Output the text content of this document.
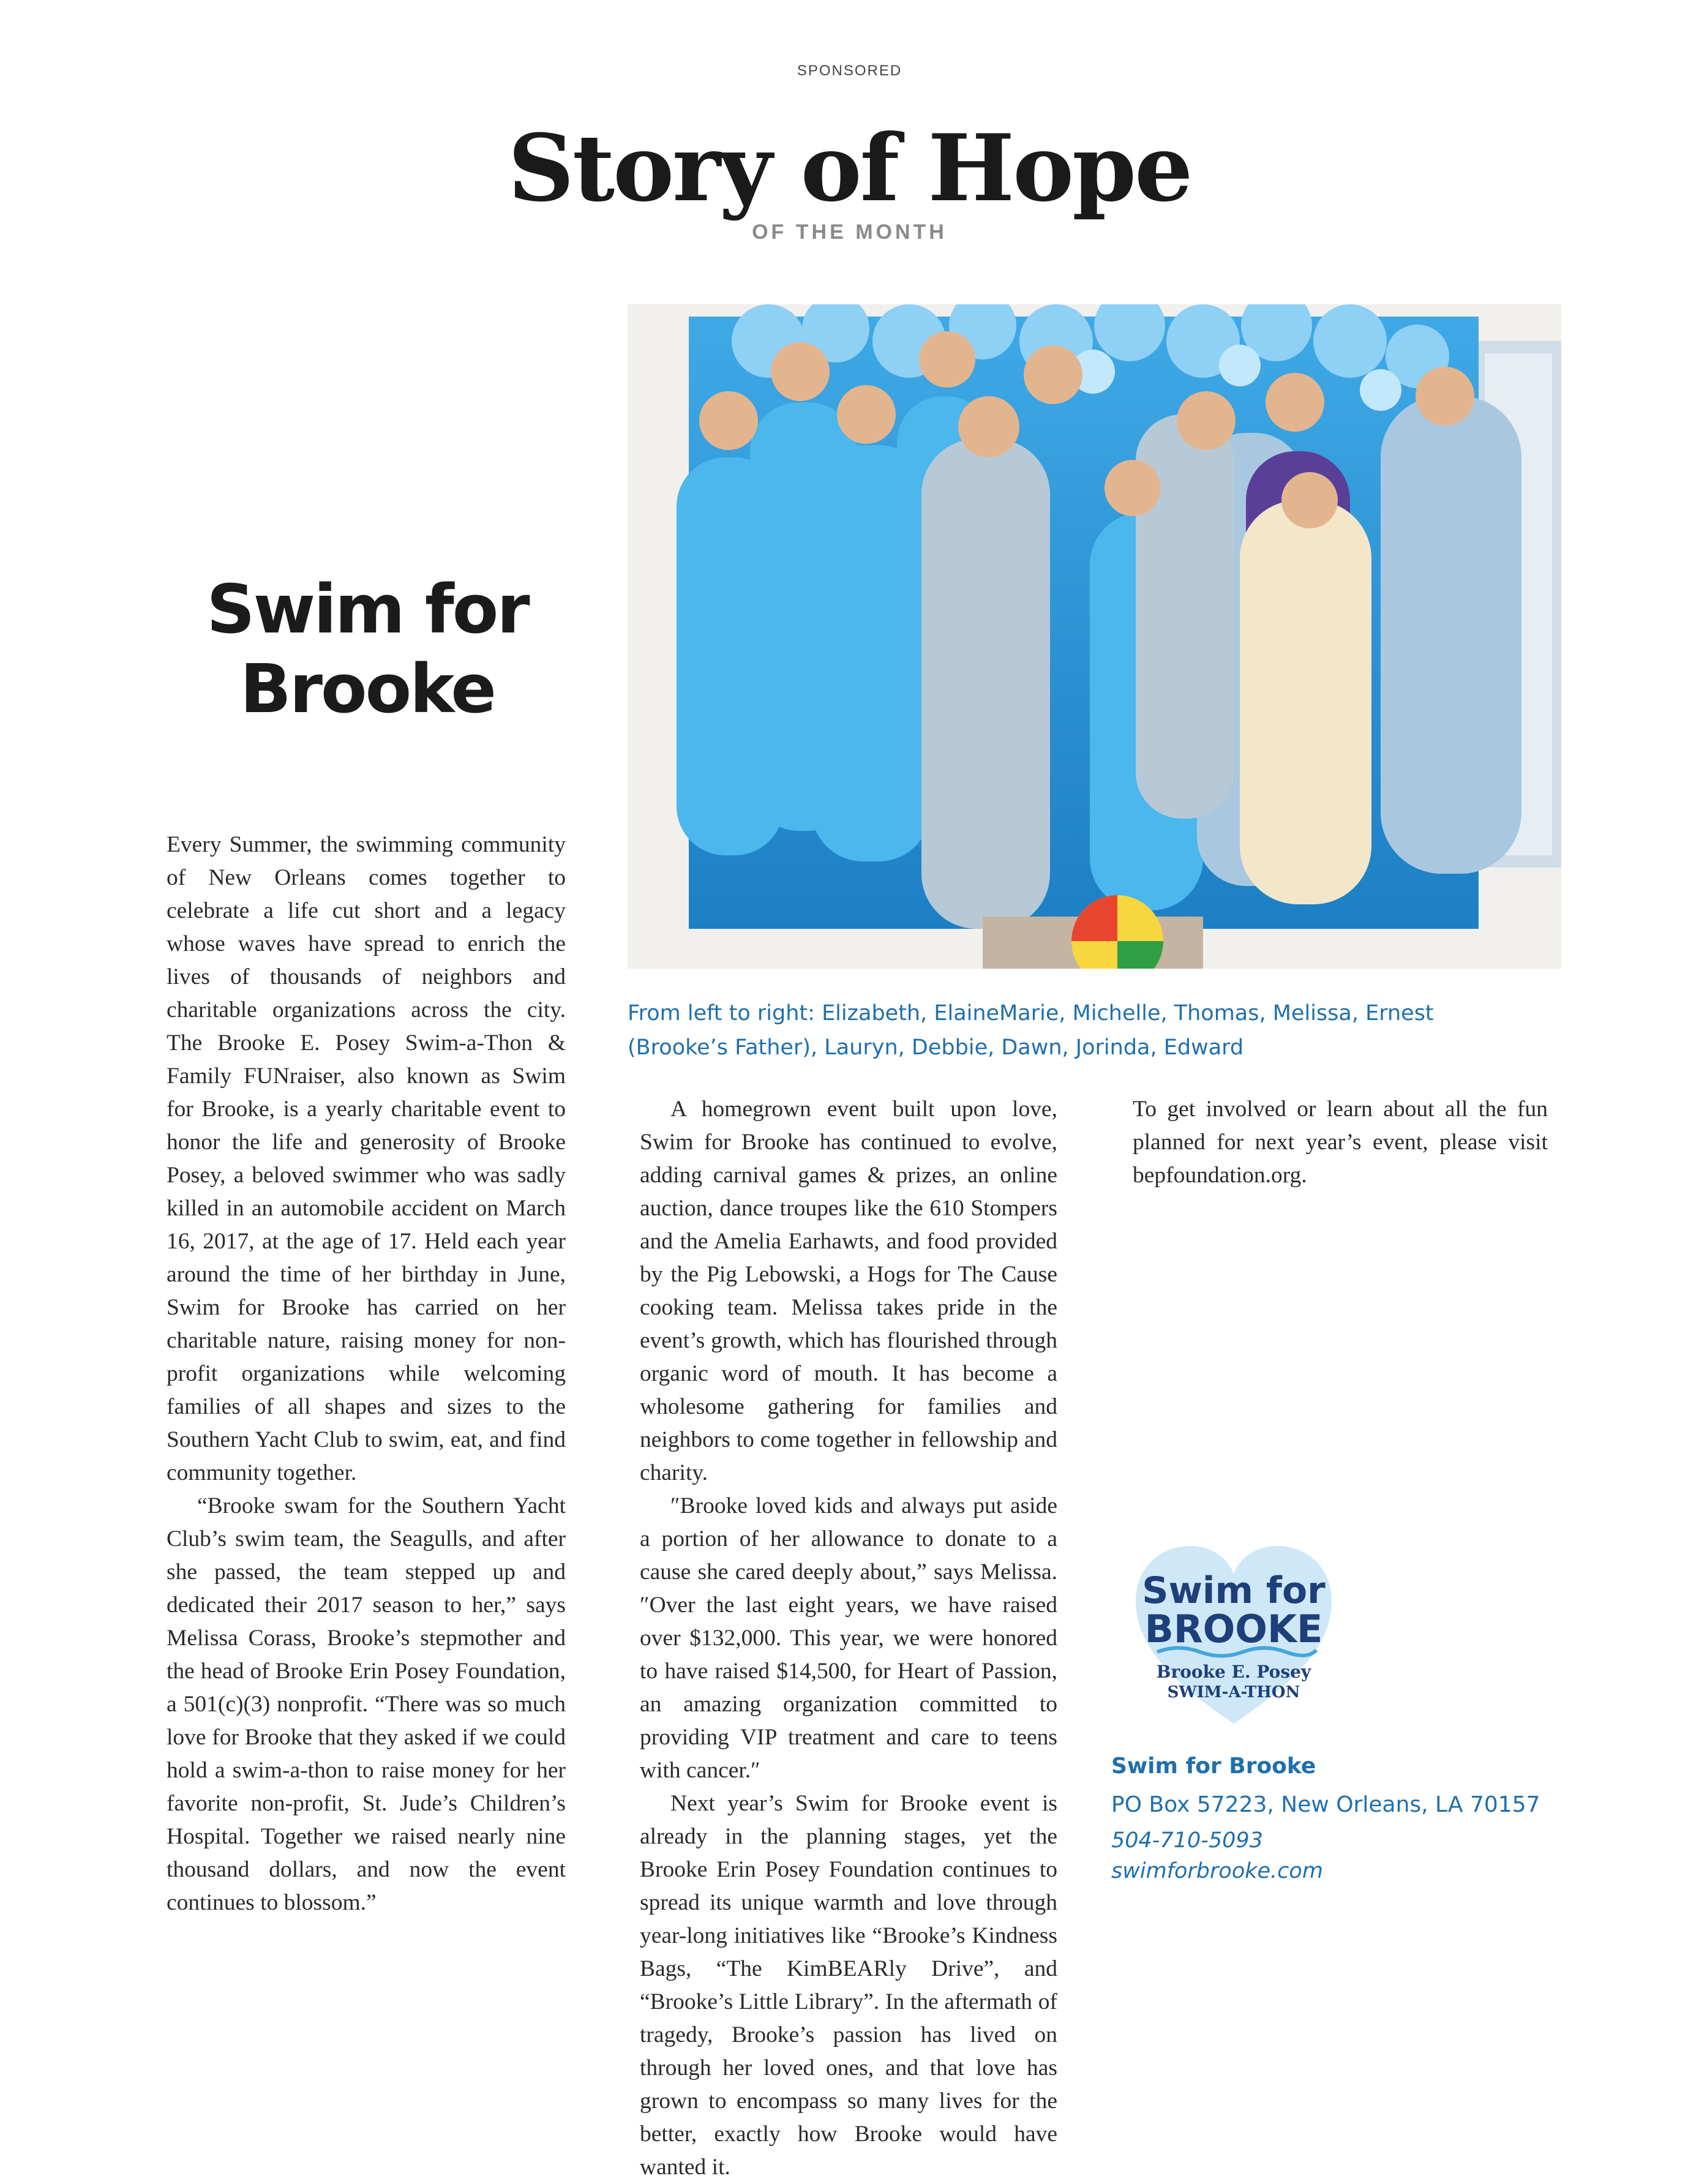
SPONSORED
Story of Hope
OF THE MONTH
Swim for
Brooke
From left to right: Elizabeth, ElaineMarie, Michelle, Thomas, Melissa, Ernest
(Brooke’s Father), Lauryn, Debbie, Dawn, Jorinda, Edward

Every Summer, the swimming community of New Orleans comes together to celebrate a life cut short and a legacy whose waves have spread to enrich the lives of thousands of neighbors and charitable organizations across the city. The Brooke E. Posey Swim-a-Thon & Family FUNraiser, also known as Swim for Brooke, is a yearly charitable event to honor the life and generosity of Brooke Posey, a beloved swimmer who was sadly killed in an automobile accident on March 16, 2017, at the age of 17. Held each year around the time of her birthday in June, Swim for Brooke has carried on her charitable nature, raising money for non-profit organizations while welcoming families of all shapes and sizes to the Southern Yacht Club to swim, eat, and find community together.

“Brooke swam for the Southern Yacht Club’s swim team, the Seagulls, and after she passed, the team stepped up and dedicated their 2017 season to her,” says Melissa Corass, Brooke’s stepmother and the head of Brooke Erin Posey Foundation, a 501(c)(3) nonprofit. “There was so much love for Brooke that they asked if we could hold a swim-a-thon to raise money for her favorite non-profit, St. Jude’s Children’s Hospital. Together we raised nearly nine thousand dollars, and now the event continues to blossom.”

A homegrown event built upon love, Swim for Brooke has continued to evolve, adding carnival games & prizes, an online auction, dance troupes like the 610 Stompers and the Amelia Earhawts, and food provided by the Pig Lebowski, a Hogs for The Cause cooking team. Melissa takes pride in the event’s growth, which has flourished through organic word of mouth. It has become a wholesome gathering for families and neighbors to come together in fellowship and charity.

″Brooke loved kids and always put aside a portion of her allowance to donate to a cause she cared deeply about,” says Melissa. ″Over the last eight years, we have raised over $132,000. This year, we were honored to have raised $14,500, for Heart of Passion, an amazing organization committed to providing VIP treatment and care to teens with cancer.″

Next year’s Swim for Brooke event is already in the planning stages, yet the Brooke Erin Posey Foundation continues to spread its unique warmth and love through year-long initiatives like “Brooke’s Kindness Bags, “The KimBEARly Drive”, and “Brooke’s Little Library”. In the aftermath of tragedy, Brooke’s passion has lived on through her loved ones, and that love has grown to encompass so many lives for the better, exactly how Brooke would have wanted it.

To get involved or learn about all the fun planned for next year’s event, please visit bepfoundation.org.

Swim for
BROOKE
Brooke E. Posey
SWIM-A-THON
Swim for Brooke
PO Box 57223, New Orleans, LA 70157
504-710-5093
swimforbrooke.com
